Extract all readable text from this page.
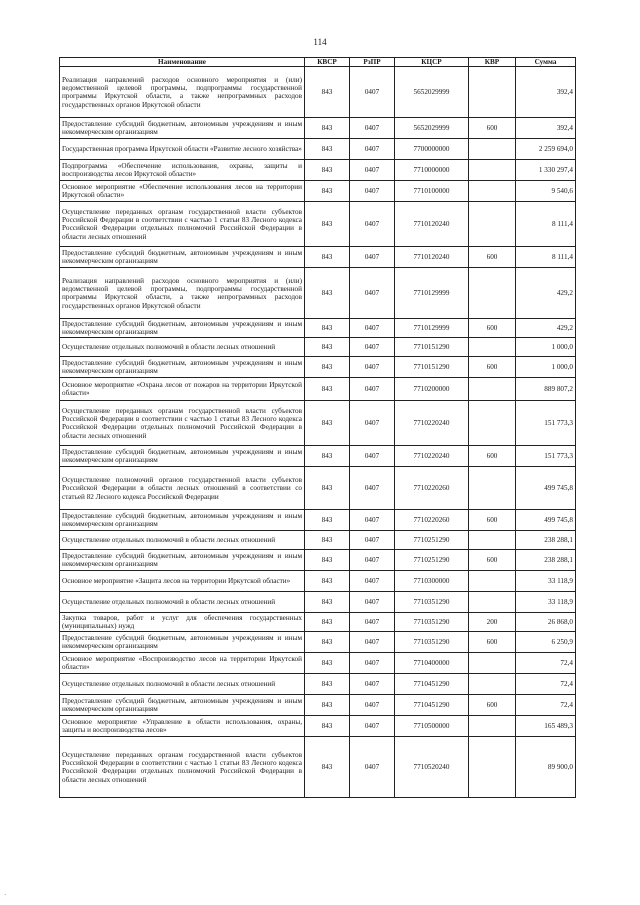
114
Наименование	КВСР	РзПР	КЦСР	КВР	Сумма
Реализация направлений расходов основного мероприятия и (или) ведомственной целевой программы, подпрограммы государственной программы Иркутской области, а также непрограммных расходов государственных органов Иркутской области	843	0407	5652029999		392,4
Предоставление субсидий бюджетным, автономным учреждениям и иным некоммерческим организациям	843	0407	5652029999	600	392,4
Государственная программа Иркутской области «Развитие лесного хозяйства»	843	0407	7700000000		2 259 694,0
Подпрограмма «Обеспечение использования, охраны, защиты и воспроизводства лесов Иркутской области»	843	0407	7710000000		1 330 297,4
Основное мероприятие «Обеспечение использования лесов на территории Иркутской области»	843	0407	7710100000		9 540,6
Осуществление переданных органам государственной власти субъектов Российской Федерации в соответствии с частью 1 статьи 83 Лесного кодекса Российской Федерации отдельных полномочий Российской Федерации в области лесных отношений	843	0407	7710120240		8 111,4
Предоставление субсидий бюджетным, автономным учреждениям и иным некоммерческим организациям	843	0407	7710120240	600	8 111,4
Реализация направлений расходов основного мероприятия и (или) ведомственной целевой программы, подпрограммы государственной программы Иркутской области, а также непрограммных расходов государственных органов Иркутской области	843	0407	7710129999		429,2
Предоставление субсидий бюджетным, автономным учреждениям и иным некоммерческим организациям	843	0407	7710129999	600	429,2
Осуществление отдельных полномочий в области лесных отношений	843	0407	7710151290		1 000,0
Предоставление субсидий бюджетным, автономным учреждениям и иным некоммерческим организациям	843	0407	7710151290	600	1 000,0
Основное мероприятие «Охрана лесов от пожаров на территории Иркутской области»	843	0407	7710200000		889 807,2
Осуществление переданных органам государственной власти субъектов Российской Федерации в соответствии с частью 1 статьи 83 Лесного кодекса Российской Федерации отдельных полномочий Российской Федерации в области лесных отношений	843	0407	7710220240		151 773,3
Предоставление субсидий бюджетным, автономным учреждениям и иным некоммерческим организациям	843	0407	7710220240	600	151 773,3
Осуществление полномочий органов государственной власти субъектов Российской Федерации в области лесных отношений в соответствии со статьей 82 Лесного кодекса Российской Федерации	843	0407	7710220260		499 745,8
Предоставление субсидий бюджетным, автономным учреждениям и иным некоммерческим организациям	843	0407	7710220260	600	499 745,8
Осуществление отдельных полномочий в области лесных отношений	843	0407	7710251290		238 288,1
Предоставление субсидий бюджетным, автономным учреждениям и иным некоммерческим организациям	843	0407	7710251290	600	238 288,1
Основное мероприятие «Защита лесов на территории Иркутской области»	843	0407	7710300000		33 118,9
Осуществление отдельных полномочий в области лесных отношений	843	0407	7710351290		33 118,9
Закупка товаров, работ и услуг для обеспечения государственных (муниципальных) нужд	843	0407	7710351290	200	26 868,0
Предоставление субсидий бюджетным, автономным учреждениям и иным некоммерческим организациям	843	0407	7710351290	600	6 250,9
Основное мероприятие «Воспроизводство лесов на территории Иркутской области»	843	0407	7710400000		72,4
Осуществление отдельных полномочий в области лесных отношений	843	0407	7710451290		72,4
Предоставление субсидий бюджетным, автономным учреждениям и иным некоммерческим организациям	843	0407	7710451290	600	72,4
Основное мероприятие «Управление в области использования, охраны, защиты и воспроизводства лесов»	843	0407	7710500000		165 489,3
Осуществление переданных органам государственной власти субъектов Российской Федерации в соответствии с частью 1 статьи 83 Лесного кодекса Российской Федерации отдельных полномочий Российской Федерации в области лесных отношений	843	0407	7710520240		89 900,0
·
